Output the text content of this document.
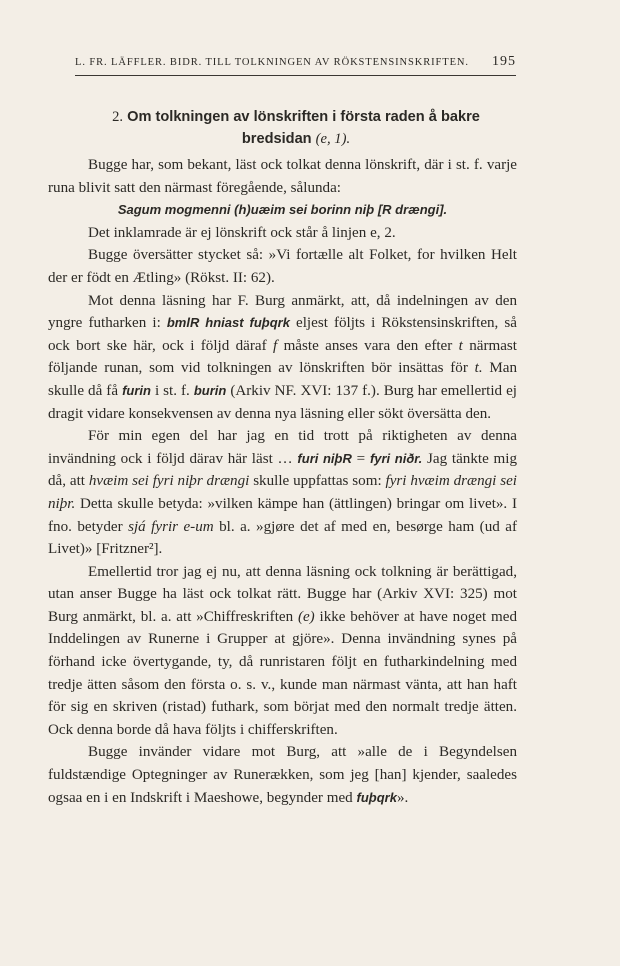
L. FR. LÄFFLER. BIDR. TILL TOLKNINGEN AV RÖKSTENSINSKRIFTEN. 195
2. Om tolkningen av lönskriften i första raden å bakre
bredsidan (e, 1).

Bugge har, som bekant, läst ock tolkat denna lönskrift, där i st. f. varje runa blivit satt den närmast föregående, sålunda:

Sagum mogmenni (h)uæim sei borinn niþ [R drængi].

Det inklamrade är ej lönskrift ock står å linjen e, 2.

Bugge översätter stycket så: »Vi fortælle alt Folket, for hvilken Helt der er födt en Ætling» (Rökst. II: 62).

Mot denna läsning har F. Burg anmärkt, att, då indelningen av den yngre futharken i: bmlR hniast fuþqrk eljest följts i Rökstensinskriften, så ock bort ske här, ock i följd däraf f måste anses vara den efter t närmast följande runan, som vid tolkningen av lönskriften bör insättas för t. Man skulle då få furin i st. f. burin (Arkiv NF. XVI: 137 f.). Burg har emellertid ej dragit vidare konsekvensen av denna nya läsning eller sökt översätta den.

För min egen del har jag en tid trott på riktigheten av denna invändning ock i följd därav här läst … furi niþR = fyri niðr. Jag tänkte mig då, att hvæim sei fyri niþr drængi skulle uppfattas som: fyri hvæim drængi sei niþr. Detta skulle betyda: »vilken kämpe han (ättlingen) bringar om livet». I fno. betyder sjá fyrir e-um bl. a. »gjøre det af med en, besørge ham (ud af Livet)» [Fritzner²].

Emellertid tror jag ej nu, att denna läsning ock tolkning är berättigad, utan anser Bugge ha läst ock tolkat rätt. Bugge har (Arkiv XVI: 325) mot Burg anmärkt, bl. a. att »Chiffreskriften (e) ikke behöver at have noget med Inddelingen av Runerne i Grupper at gjöre». Denna invändning synes på förhand icke övertygande, ty, då runristaren följt en futharkindelning med tredje ätten såsom den första o. s. v., kunde man närmast vänta, att han haft för sig en skriven (ristad) futhark, som börjat med den normalt tredje ätten. Ock denna borde då hava följts i chifferskriften.

Bugge invänder vidare mot Burg, att »alle de i Begyndelsen fuldstændige Optegninger av Runerækken, som jeg [han] kjender, saaledes ogsaa en i en Indskrift i Maeshowe, begynder med fuþqrk».
